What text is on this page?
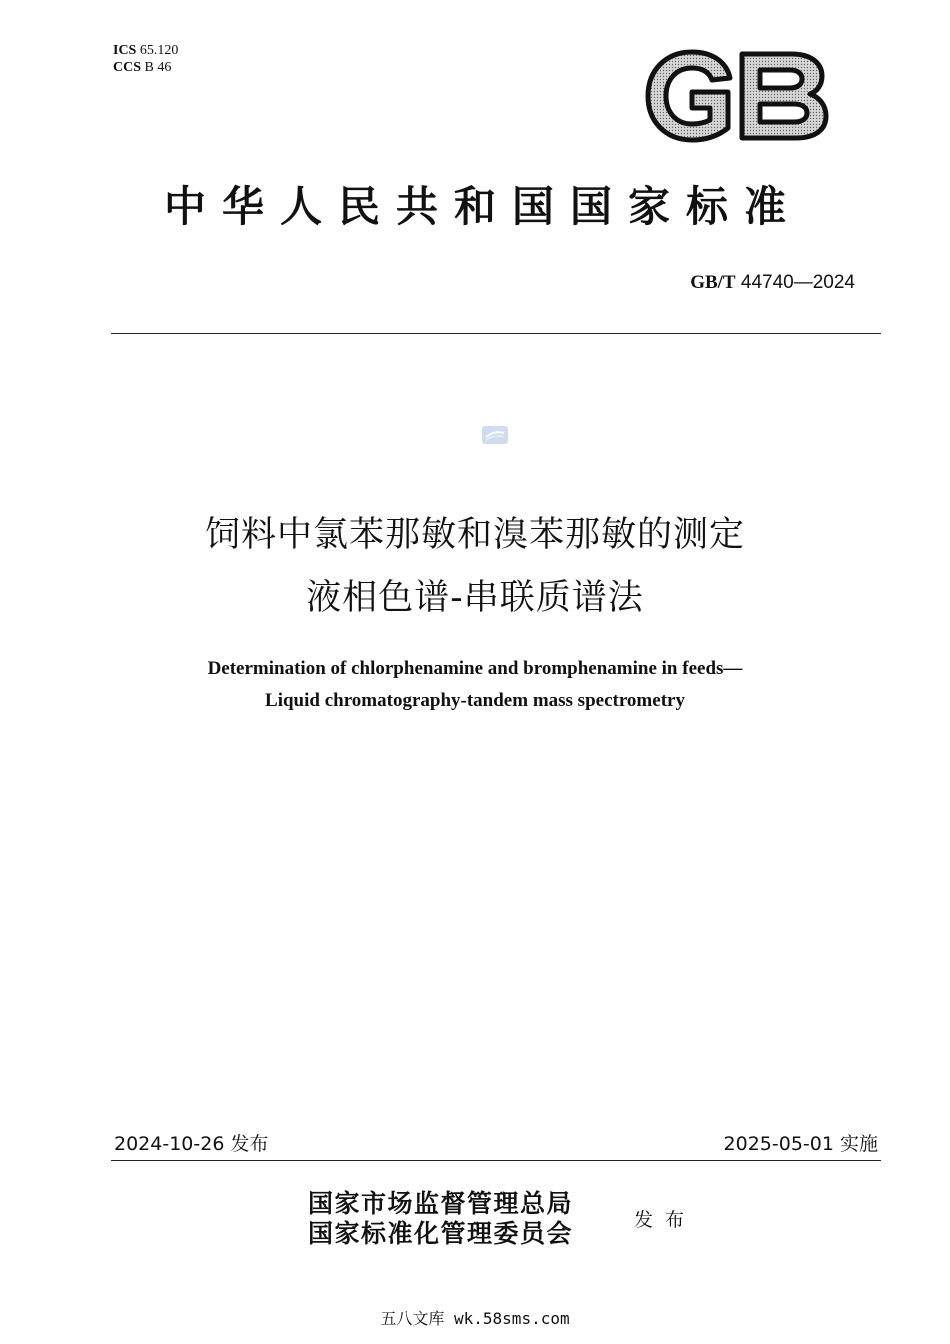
ICS 65.120
CCS B 46
中华人民共和国国家标准
GB/T 44740—2024
饲料中氯苯那敏和溴苯那敏的测定
液相色谱-串联质谱法
Determination of chlorphenamine and bromphenamine in feeds—
Liquid chromatography-tandem mass spectrometry
2024-10-26 发布	2025-05-01 实施
国家市场监督管理总局
国家标准化管理委员会	发布
五八文库 wk.58sms.com
